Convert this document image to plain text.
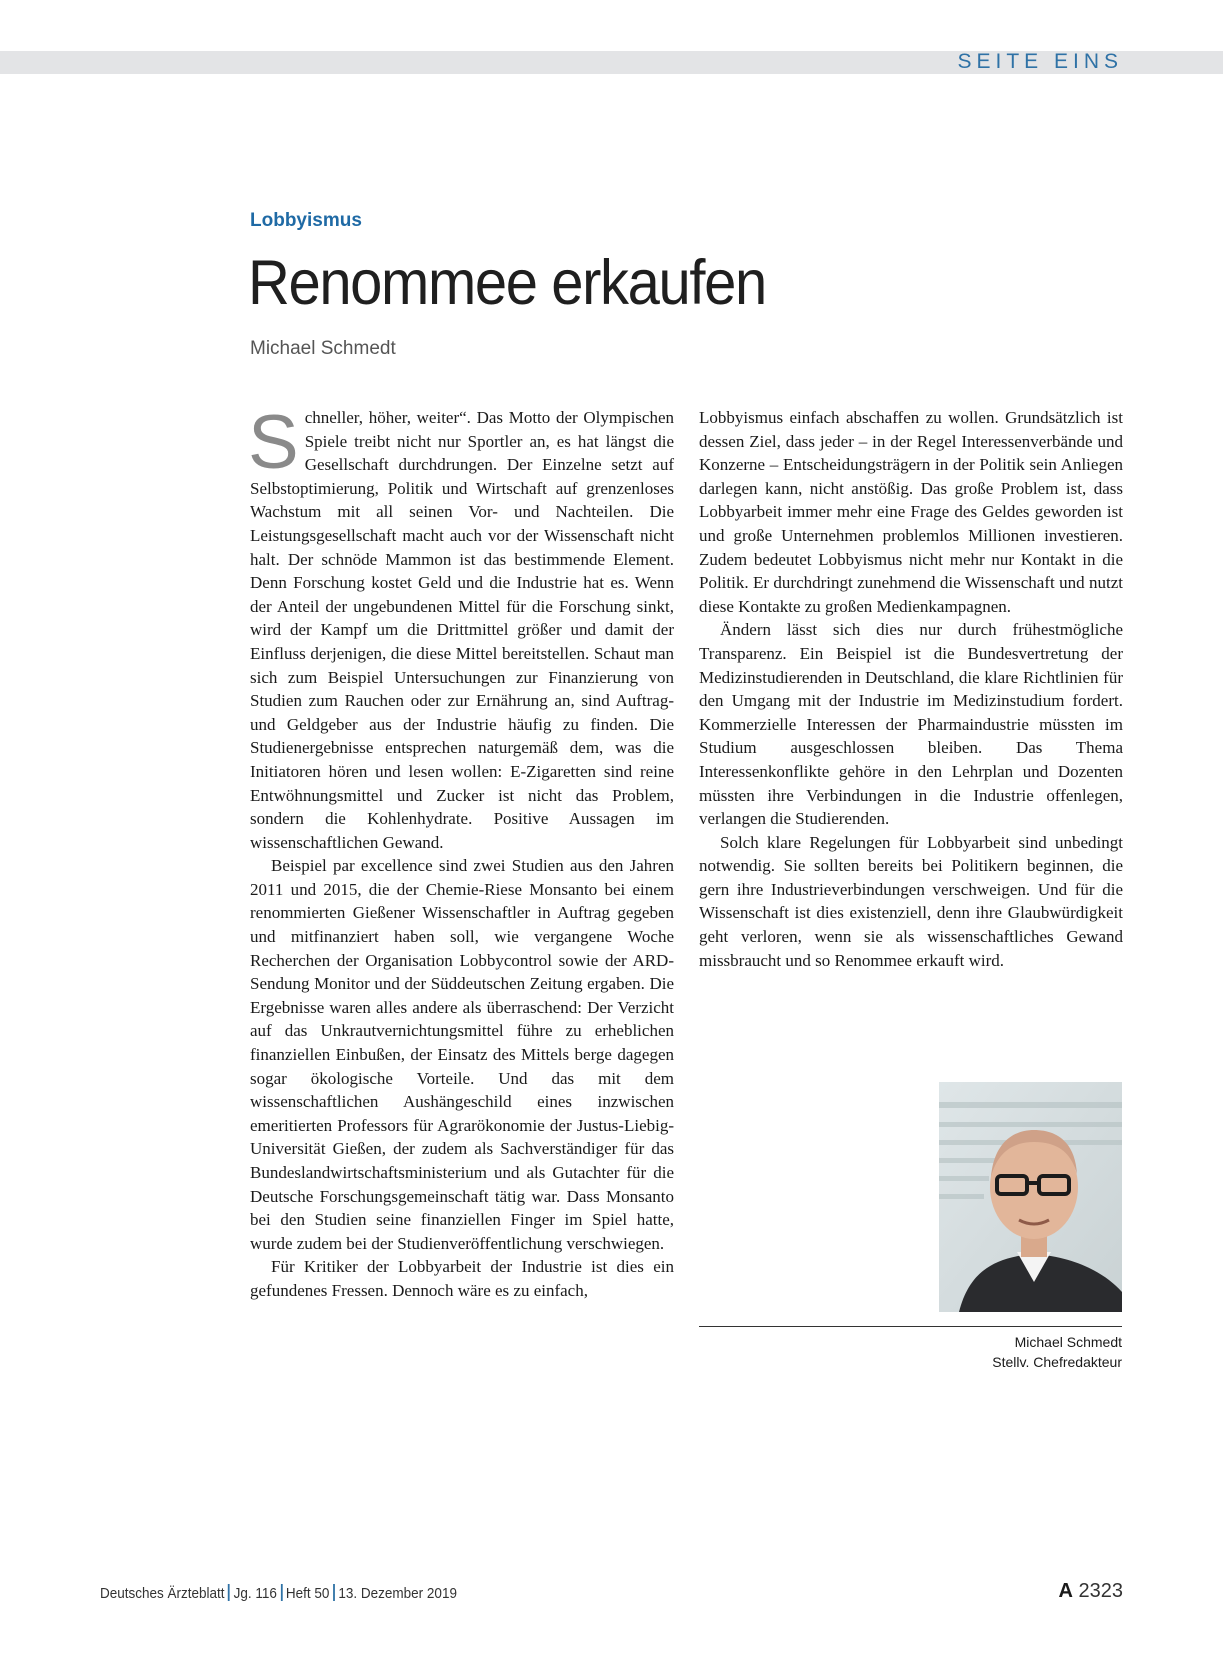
SEITE EINS
Lobbyismus
Renommee erkaufen
Michael Schmedt

Schneller, höher, weiter“. Das Motto der Olympischen Spiele treibt nicht nur Sportler an, es hat längst die Gesellschaft durchdrungen. Der Einzelne setzt auf Selbstoptimierung, Politik und Wirtschaft auf grenzenloses Wachstum mit all seinen Vor- und Nachteilen. Die Leistungsgesellschaft macht auch vor der Wissenschaft nicht halt. Der schnöde Mammon ist das bestimmende Element. Denn Forschung kostet Geld und die Industrie hat es. Wenn der Anteil der ungebundenen Mittel für die Forschung sinkt, wird der Kampf um die Drittmittel größer und damit der Einfluss derjenigen, die diese Mittel bereitstellen. Schaut man sich zum Beispiel Untersuchungen zur Finanzierung von Studien zum Rauchen oder zur Ernährung an, sind Auftrag- und Geldgeber aus der Industrie häufig zu finden. Die Studienergebnisse entsprechen naturgemäß dem, was die Initiatoren hören und lesen wollen: E-Zigaretten sind reine Entwöhnungsmittel und Zucker ist nicht das Problem, sondern die Kohlenhydrate. Positive Aussagen im wissenschaftlichen Gewand.

Beispiel par excellence sind zwei Studien aus den Jahren 2011 und 2015, die der Chemie-Riese Monsanto bei einem renommierten Gießener Wissenschaftler in Auftrag gegeben und mitfinanziert haben soll, wie vergangene Woche Recherchen der Organisation Lobbycontrol sowie der ARD-Sendung Monitor und der Süddeutschen Zeitung ergaben. Die Ergebnisse waren alles andere als überraschend: Der Verzicht auf das Unkrautvernichtungsmittel führe zu erheblichen finanziellen Einbußen, der Einsatz des Mittels berge dagegen sogar ökologische Vorteile. Und das mit dem wissenschaftlichen Aushängeschild eines inzwischen emeritierten Professors für Agrarökonomie der Justus-Liebig-Universität Gießen, der zudem als Sachverständiger für das Bundeslandwirtschaftsministerium und als Gutachter für die Deutsche Forschungsgemeinschaft tätig war. Dass Monsanto bei den Studien seine finanziellen Finger im Spiel hatte, wurde zudem bei der Studienveröffentlichung verschwiegen.

Für Kritiker der Lobbyarbeit der Industrie ist dies ein gefundenes Fressen. Dennoch wäre es zu einfach,

Lobbyismus einfach abschaffen zu wollen. Grundsätzlich ist dessen Ziel, dass jeder – in der Regel Interessenverbände und Konzerne – Entscheidungsträgern in der Politik sein Anliegen darlegen kann, nicht anstößig. Das große Problem ist, dass Lobbyarbeit immer mehr eine Frage des Geldes geworden ist und große Unternehmen problemlos Millionen investieren. Zudem bedeutet Lobbyismus nicht mehr nur Kontakt in die Politik. Er durchdringt zunehmend die Wissenschaft und nutzt diese Kontakte zu großen Medienkampagnen.

Ändern lässt sich dies nur durch frühestmögliche Transparenz. Ein Beispiel ist die Bundesvertretung der Medizinstudierenden in Deutschland, die klare Richtlinien für den Umgang mit der Industrie im Medizinstudium fordert. Kommerzielle Interessen der Pharmaindustrie müssten im Studium ausgeschlossen bleiben. Das Thema Interessenkonflikte gehöre in den Lehrplan und Dozenten müssten ihre Verbindungen in die Industrie offenlegen, verlangen die Studierenden.

Solch klare Regelungen für Lobbyarbeit sind unbedingt notwendig. Sie sollten bereits bei Politikern beginnen, die gern ihre Industrieverbindungen verschweigen. Und für die Wissenschaft ist dies existenziell, denn ihre Glaubwürdigkeit geht verloren, wenn sie als wissenschaftliches Gewand missbraucht und so Renommee erkauft wird.

Michael Schmedt
Stellv. Chefredakteur
Deutsches Ärzteblatt Jg. 116 Heft 50 13. Dezember 2019	A 2323
